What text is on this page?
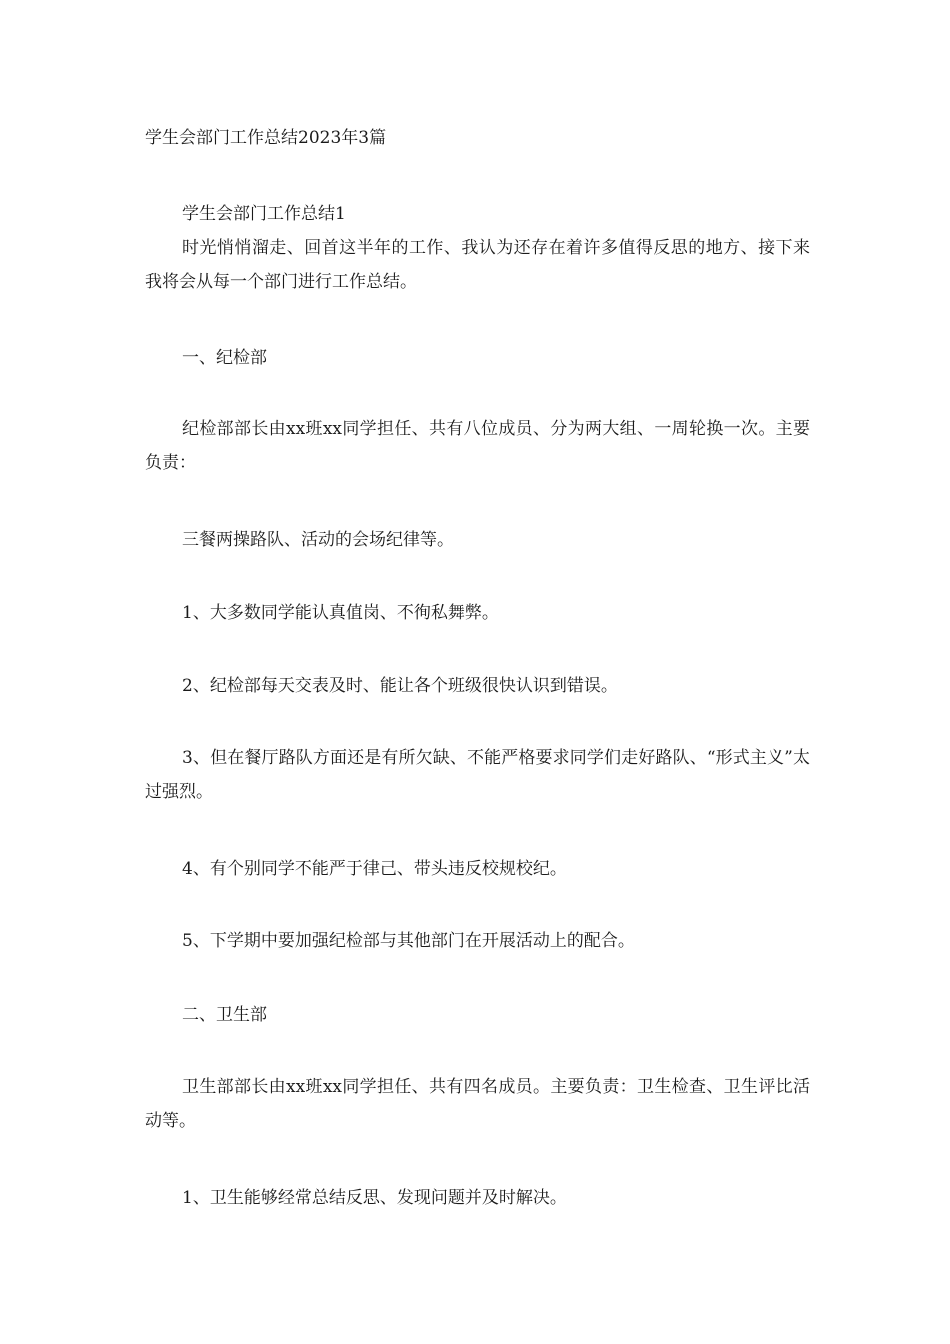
学生会部门工作总结2023年3篇

学生会部门工作总结1

时光悄悄溜走、回首这半年的工作、我认为还存在着许多值得反思的地方、接下来我将会从每一个部门进行工作总结。

一、纪检部

纪检部部长由xx班xx同学担任、共有八位成员、分为两大组、一周轮换一次。主要负责：

三餐两操路队、活动的会场纪律等。

1、大多数同学能认真值岗、不徇私舞弊。

2、纪检部每天交表及时、能让各个班级很快认识到错误。

3、但在餐厅路队方面还是有所欠缺、不能严格要求同学们走好路队、“形式主义”太过强烈。

4、有个别同学不能严于律己、带头违反校规校纪。

5、下学期中要加强纪检部与其他部门在开展活动上的配合。

二、卫生部

卫生部部长由xx班xx同学担任、共有四名成员。主要负责：卫生检查、卫生评比活动等。

1、卫生能够经常总结反思、发现问题并及时解决。
